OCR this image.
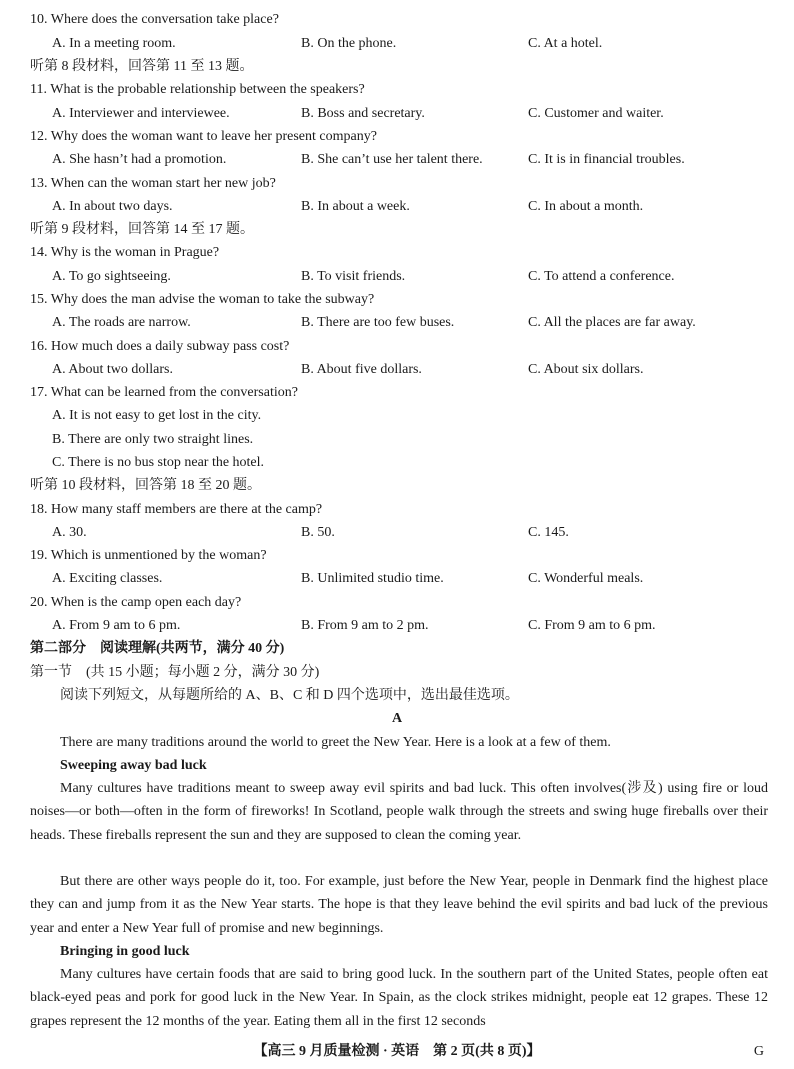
10. Where does the conversation take place?
A. In a meeting room.	B. On the phone.	C. At a hotel.
听第 8 段材料，回答第 11 至 13 题。
11. What is the probable relationship between the speakers?
A. Interviewer and interviewee.	B. Boss and secretary.	C. Customer and waiter.
12. Why does the woman want to leave her present company?
A. She hasn’t had a promotion.	B. She can’t use her talent there.	C. It is in financial troubles.
13. When can the woman start her new job?
A. In about two days.	B. In about a week.	C. In about a month.
听第 9 段材料，回答第 14 至 17 题。
14. Why is the woman in Prague?
A. To go sightseeing.	B. To visit friends.	C. To attend a conference.
15. Why does the man advise the woman to take the subway?
A. The roads are narrow.	B. There are too few buses.	C. All the places are far away.
16. How much does a daily subway pass cost?
A. About two dollars.	B. About five dollars.	C. About six dollars.
17. What can be learned from the conversation?
A. It is not easy to get lost in the city.
B. There are only two straight lines.
C. There is no bus stop near the hotel.
听第 10 段材料，回答第 18 至 20 题。
18. How many staff members are there at the camp?
A. 30.	B. 50.	C. 145.
19. Which is unmentioned by the woman?
A. Exciting classes.	B. Unlimited studio time.	C. Wonderful meals.
20. When is the camp open each day?
A. From 9 am to 6 pm.	B. From 9 am to 2 pm.	C. From 9 am to 6 pm.
第二部分　阅读理解(共两节，满分 40 分)
第一节　(共 15 小题；每小题 2 分，满分 30 分)
阅读下列短文，从每题所给的 A、B、C 和 D 四个选项中，选出最佳选项。
A

There are many traditions around the world to greet the New Year. Here is a look at a few of them.

Sweeping away bad luck

Many cultures have traditions meant to sweep away evil spirits and bad luck. This often involves(涉及) using fire or loud noises—or both—often in the form of fireworks! In Scotland, people walk through the streets and swing huge fireballs over their heads. These fireballs represent the sun and they are supposed to clean the coming year.

But there are other ways people do it, too. For example, just before the New Year, people in Denmark find the highest place they can and jump from it as the New Year starts. The hope is that they leave behind the evil spirits and bad luck of the previous year and enter a New Year full of promise and new beginnings.

Bringing in good luck

Many cultures have certain foods that are said to bring good luck. In the southern part of the United States, people often eat black-eyed peas and pork for good luck in the New Year. In Spain, as the clock strikes midnight, people eat 12 grapes. These 12 grapes represent the 12 months of the year. Eating them all in the first 12 seconds

【高三 9 月质量检测 · 英语　第 2 页(共 8 页)】	G
